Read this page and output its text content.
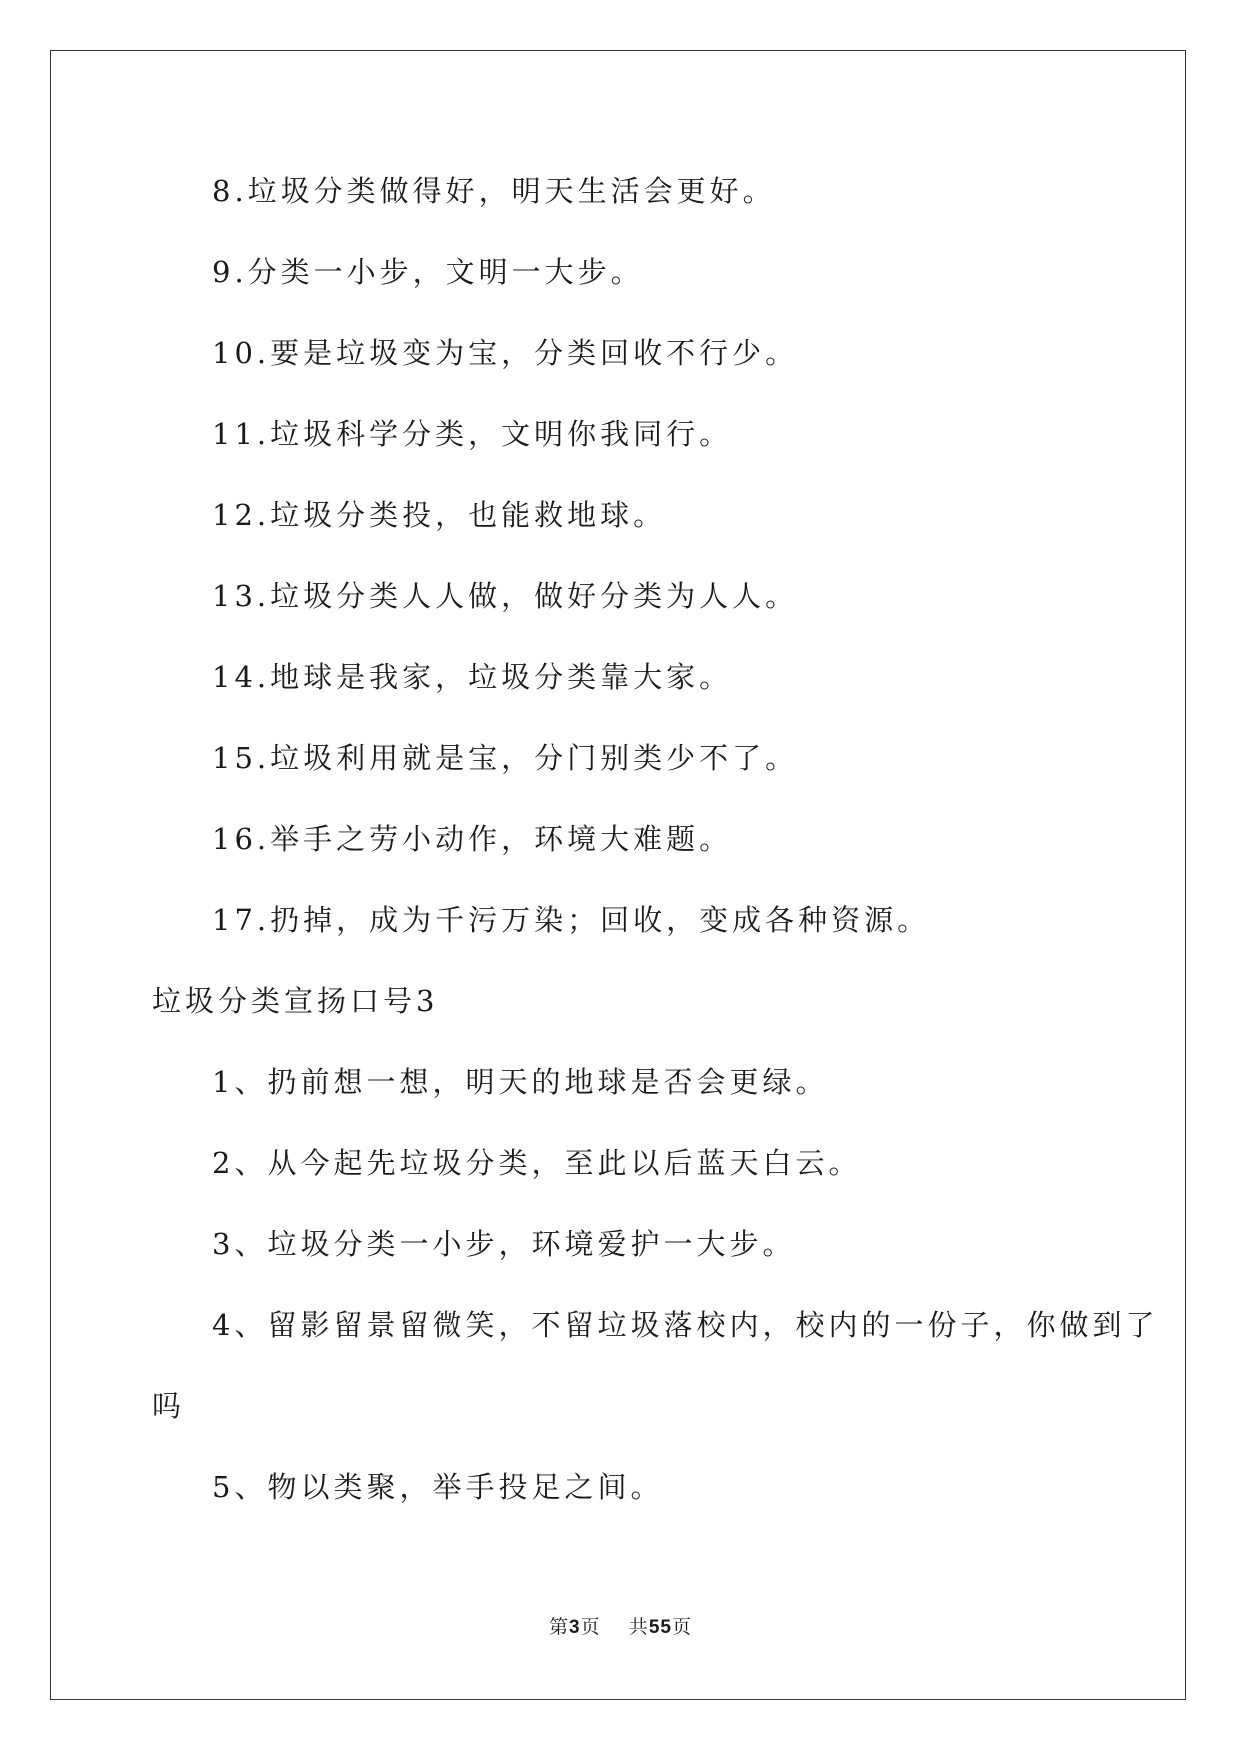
8.垃圾分类做得好，明天生活会更好。
9.分类一小步，文明一大步。
10.要是垃圾变为宝，分类回收不行少。
11.垃圾科学分类，文明你我同行。
12.垃圾分类投，也能救地球。
13.垃圾分类人人做，做好分类为人人。
14.地球是我家，垃圾分类靠大家。
15.垃圾利用就是宝，分门别类少不了。
16.举手之劳小动作，环境大难题。
17.扔掉，成为千污万染；回收，变成各种资源。
垃圾分类宣扬口号3
1、扔前想一想，明天的地球是否会更绿。
2、从今起先垃圾分类，至此以后蓝天白云。
3、垃圾分类一小步，环境爱护一大步。
4、留影留景留微笑，不留垃圾落校内，校内的一份子，你做到了
吗
5、物以类聚，举手投足之间。
第3页 共55页
